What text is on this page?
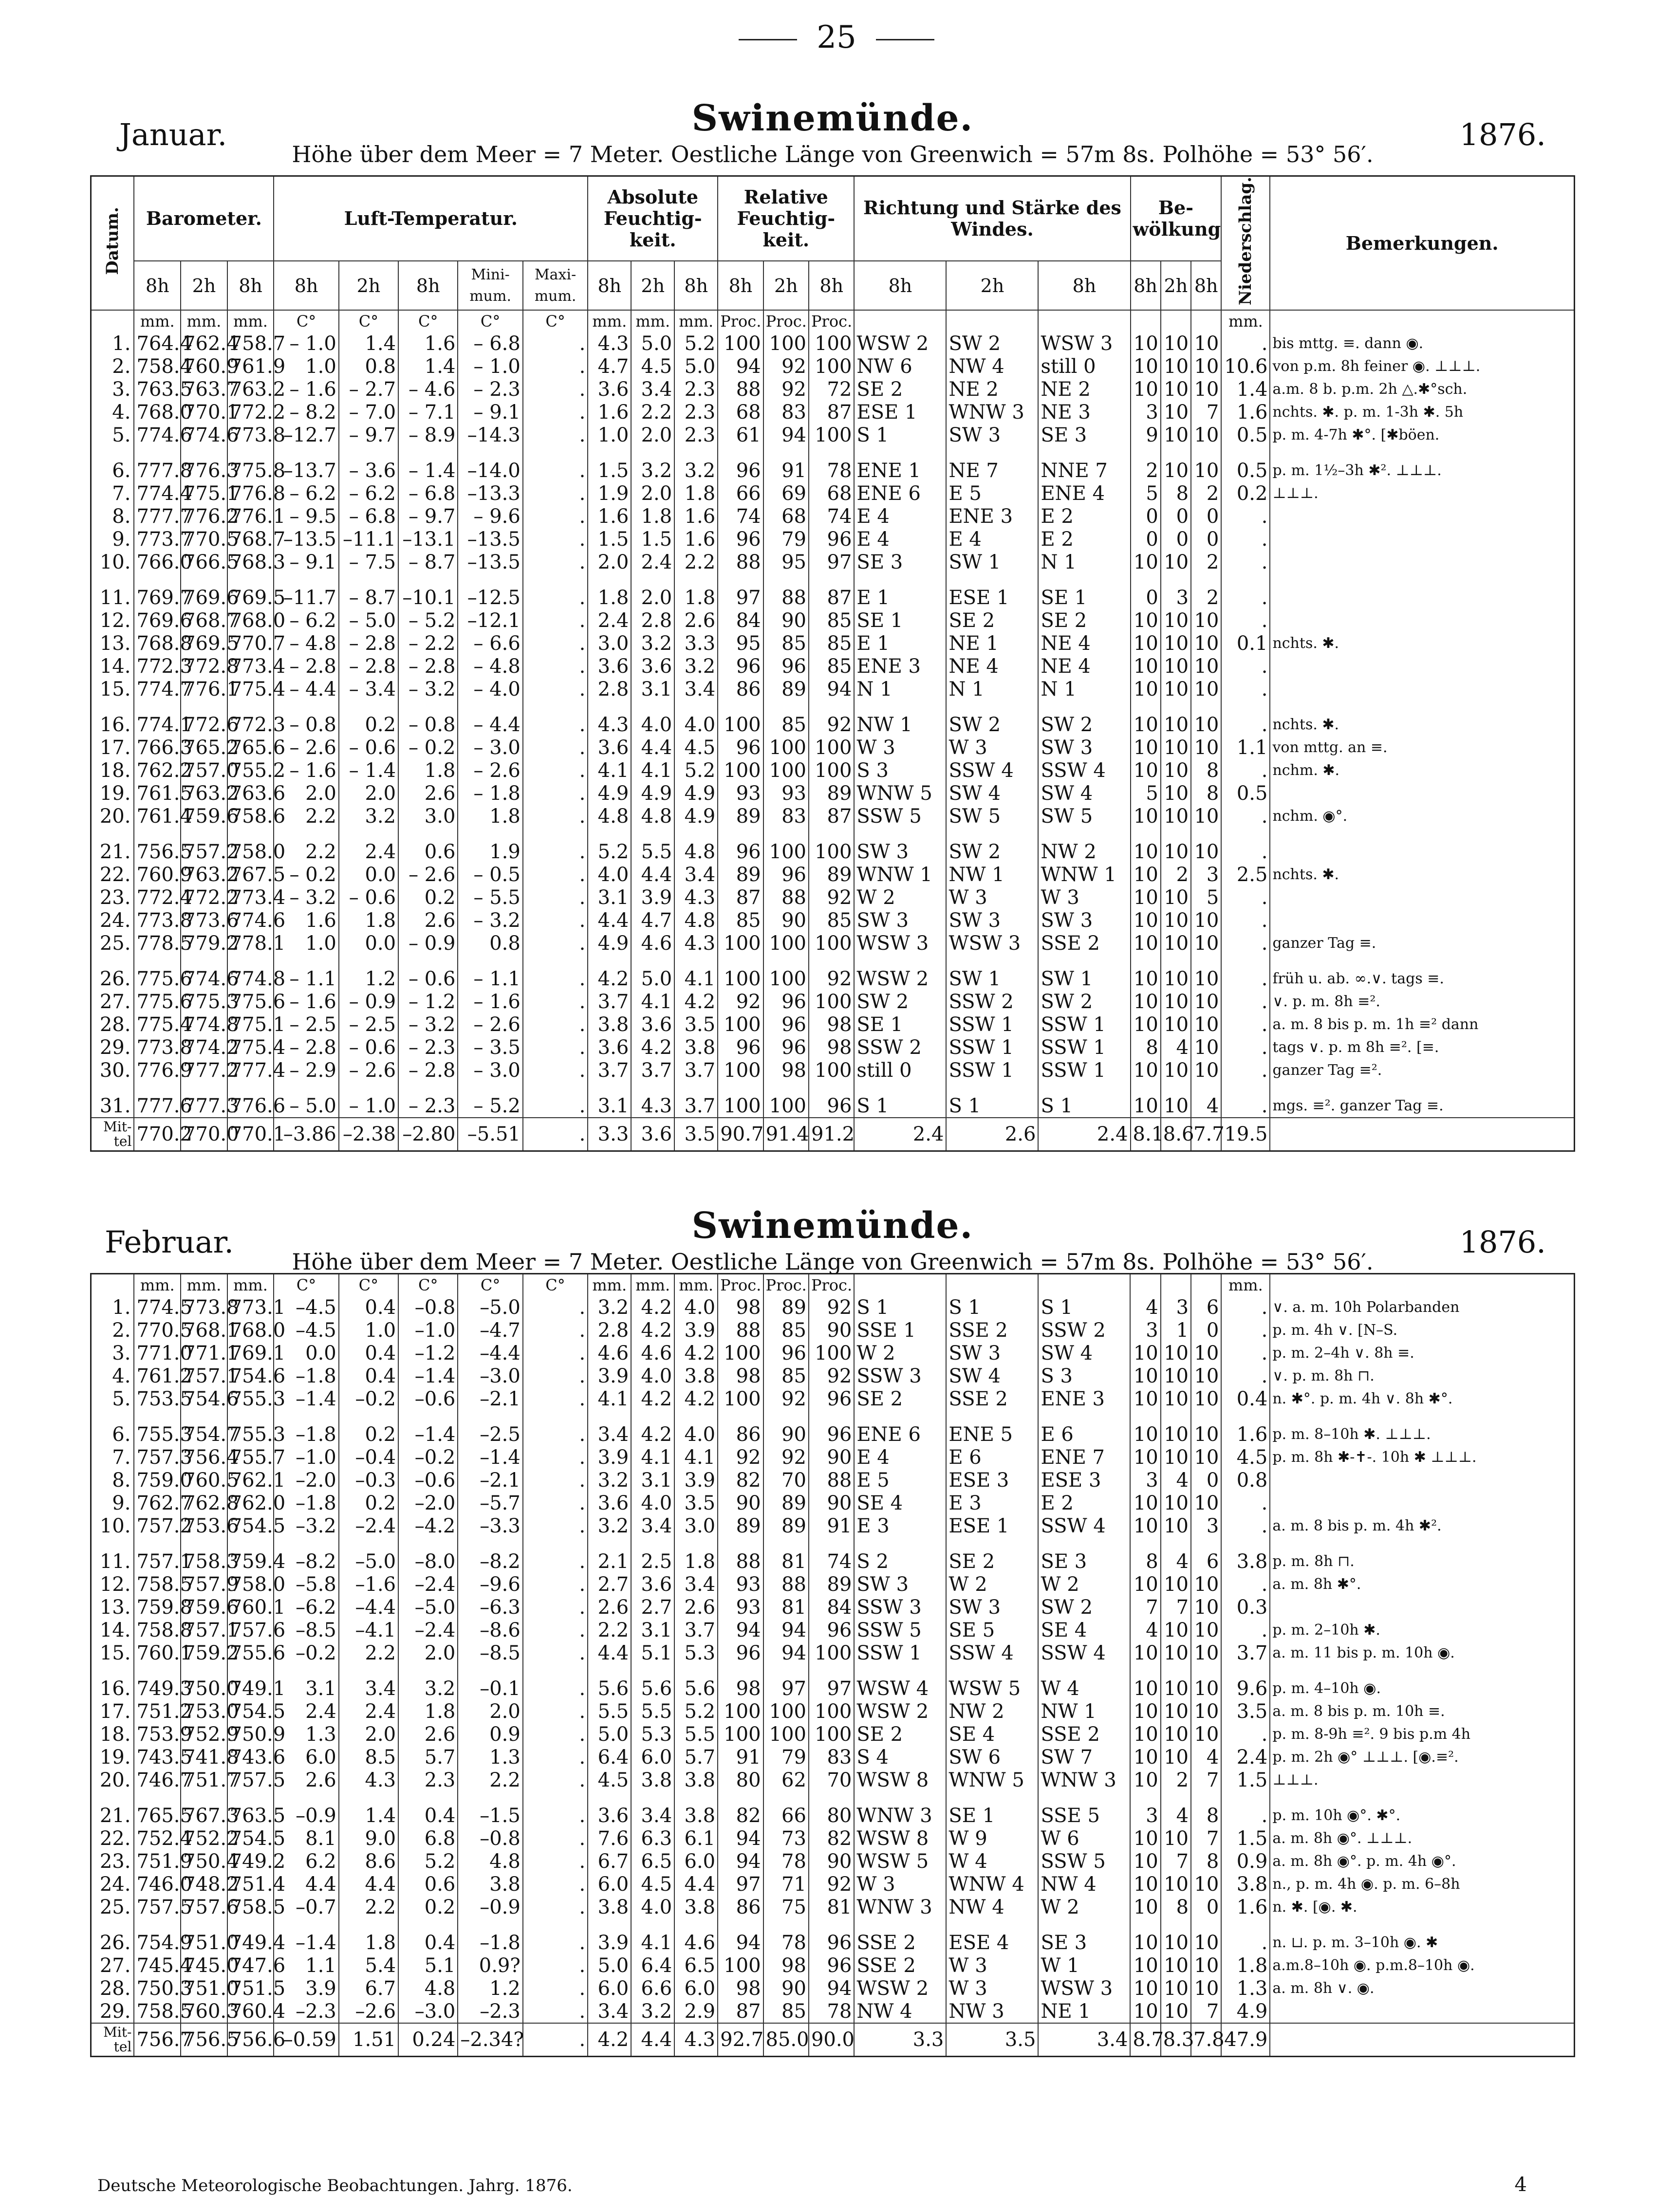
25
Swinemünde.
Januar.	1876.
Höhe über dem Meer = 7 Meter. Oestliche Länge von Greenwich = 57m 8s. Polhöhe = 53° 56′.
Datum.	Barometer.			Luft-Temperatur.					Absolute Feuchtig-keit.			Relative Feuchtig-keit.			Richtung und Stärke des Windes.			Be-wölkung			Niederschlag.	Bemerkungen.
	8h	2h	8h	8h	2h	8h	Mini-mum.	Maxi-mum.	8h	2h	8h	8h	2h	8h	8h	2h	8h	8h	2h	8h		
	mm.	mm.	mm.	C°	C°	C°	C°	C°	mm.	mm.	mm.	Proc.	Proc.	Proc.							mm.	
1.	764.4	762.4	758.7	– 1.0	1.4	1.6	– 6.8	.	4.3	5.0	5.2	100	100	100	WSW 2	SW 2	WSW 3	10	10	10	.	bis mttg. ≡. dann ◉.
2.	758.4	760.9	761.9	1.0	0.8	1.4	– 1.0	.	4.7	4.5	5.0	94	92	100	NW 6	NW 4	still 0	10	10	10	10.6	von p.m. 8h feiner ◉. ⊥⊥⊥.
3.	763.5	763.7	763.2	– 1.6	– 2.7	– 4.6	– 2.3	.	3.6	3.4	2.3	88	92	72	SE 2	NE 2	NE 2	10	10	10	1.4	a.m. 8 b. p.m. 2h △.✱°sch.
4.	768.0	770.1	772.2	– 8.2	– 7.0	– 7.1	– 9.1	.	1.6	2.2	2.3	68	83	87	ESE 1	WNW 3	NE 3	3	10	7	1.6	nchts. ✱. p. m. 1-3h ✱. 5h
5.	774.6	774.6	773.8	–12.7	– 9.7	– 8.9	–14.3	.	1.0	2.0	2.3	61	94	100	S 1	SW 3	SE 3	9	10	10	0.5	p. m. 4-7h ✱°. [✱böen.
6.	777.8	776.3	775.8	–13.7	– 3.6	– 1.4	–14.0	.	1.5	3.2	3.2	96	91	78	ENE 1	NE 7	NNE 7	2	10	10	0.5	p. m. 1½–3h ✱². ⊥⊥⊥.
7.	774.4	775.1	776.8	– 6.2	– 6.2	– 6.8	–13.3	.	1.9	2.0	1.8	66	69	68	ENE 6	E 5	ENE 4	5	8	2	0.2	⊥⊥⊥.
8.	777.7	776.2	776.1	– 9.5	– 6.8	– 9.7	– 9.6	.	1.6	1.8	1.6	74	68	74	E 4	ENE 3	E 2	0	0	0	.	
9.	773.7	770.5	768.7	–13.5	–11.1	–13.1	–13.5	.	1.5	1.5	1.6	96	79	96	E 4	E 4	E 2	0	0	0	.	
10.	766.0	766.5	768.3	– 9.1	– 7.5	– 8.7	–13.5	.	2.0	2.4	2.2	88	95	97	SE 3	SW 1	N 1	10	10	2	.	
11.	769.7	769.6	769.5	–11.7	– 8.7	–10.1	–12.5	.	1.8	2.0	1.8	97	88	87	E 1	ESE 1	SE 1	0	3	2	.	
12.	769.6	768.7	768.0	– 6.2	– 5.0	– 5.2	–12.1	.	2.4	2.8	2.6	84	90	85	SE 1	SE 2	SE 2	10	10	10	.	
13.	768.8	769.5	770.7	– 4.8	– 2.8	– 2.2	– 6.6	.	3.0	3.2	3.3	95	85	85	E 1	NE 1	NE 4	10	10	10	0.1	nchts. ✱.
14.	772.3	772.8	773.4	– 2.8	– 2.8	– 2.8	– 4.8	.	3.6	3.6	3.2	96	96	85	ENE 3	NE 4	NE 4	10	10	10	.	
15.	774.7	776.1	775.4	– 4.4	– 3.4	– 3.2	– 4.0	.	2.8	3.1	3.4	86	89	94	N 1	N 1	N 1	10	10	10	.	
16.	774.1	772.6	772.3	– 0.8	0.2	– 0.8	– 4.4	.	4.3	4.0	4.0	100	85	92	NW 1	SW 2	SW 2	10	10	10	.	nchts. ✱.
17.	766.3	765.2	765.6	– 2.6	– 0.6	– 0.2	– 3.0	.	3.6	4.4	4.5	96	100	100	W 3	W 3	SW 3	10	10	10	1.1	von mttg. an ≡.
18.	762.2	757.0	755.2	– 1.6	– 1.4	1.8	– 2.6	.	4.1	4.1	5.2	100	100	100	S 3	SSW 4	SSW 4	10	10	8	.	nchm. ✱.
19.	761.5	763.2	763.6	2.0	2.0	2.6	– 1.8	.	4.9	4.9	4.9	93	93	89	WNW 5	SW 4	SW 4	5	10	8	0.5	
20.	761.4	759.6	758.6	2.2	3.2	3.0	1.8	.	4.8	4.8	4.9	89	83	87	SSW 5	SW 5	SW 5	10	10	10	.	nchm. ◉°.
21.	756.5	757.2	758.0	2.2	2.4	0.6	1.9	.	5.2	5.5	4.8	96	100	100	SW 3	SW 2	NW 2	10	10	10	.	
22.	760.9	763.2	767.5	– 0.2	0.0	– 2.6	– 0.5	.	4.0	4.4	3.4	89	96	89	WNW 1	NW 1	WNW 1	10	2	3	2.5	nchts. ✱.
23.	772.4	772.2	773.4	– 3.2	– 0.6	0.2	– 5.5	.	3.1	3.9	4.3	87	88	92	W 2	W 3	W 3	10	10	5	.	
24.	773.8	773.6	774.6	1.6	1.8	2.6	– 3.2	.	4.4	4.7	4.8	85	90	85	SW 3	SW 3	SW 3	10	10	10	.	
25.	778.5	779.2	778.1	1.0	0.0	– 0.9	0.8	.	4.9	4.6	4.3	100	100	100	WSW 3	WSW 3	SSE 2	10	10	10	.	ganzer Tag ≡.
26.	775.6	774.6	774.8	– 1.1	1.2	– 0.6	– 1.1	.	4.2	5.0	4.1	100	100	92	WSW 2	SW 1	SW 1	10	10	10	.	früh u. ab. ∞.∨. tags ≡.
27.	775.6	775.3	775.6	– 1.6	– 0.9	– 1.2	– 1.6	.	3.7	4.1	4.2	92	96	100	SW 2	SSW 2	SW 2	10	10	10	.	∨. p. m. 8h ≡².
28.	775.4	774.8	775.1	– 2.5	– 2.5	– 3.2	– 2.6	.	3.8	3.6	3.5	100	96	98	SE 1	SSW 1	SSW 1	10	10	10	.	a. m. 8 bis p. m. 1h ≡² dann
29.	773.8	774.2	775.4	– 2.8	– 0.6	– 2.3	– 3.5	.	3.6	4.2	3.8	96	96	98	SSW 2	SSW 1	SSW 1	8	4	10	.	tags ∨. p. m 8h ≡². [≡.
30.	776.9	777.2	777.4	– 2.9	– 2.6	– 2.8	– 3.0	.	3.7	3.7	3.7	100	98	100	still 0	SSW 1	SSW 1	10	10	10	.	ganzer Tag ≡².
31.	777.6	777.3	776.6	– 5.0	– 1.0	– 2.3	– 5.2	.	3.1	4.3	3.7	100	100	96	S 1	S 1	S 1	10	10	4	.	mgs. ≡². ganzer Tag ≡.
Mit-tel	770.2	770.0	770.1	–3.86	–2.38	–2.80	–5.51	.	3.3	3.6	3.5	90.7	91.4	91.2	2.4	2.6	2.4	8.1	8.6	7.7	19.5	
Swinemünde.
Februar.	1876.
Höhe über dem Meer = 7 Meter. Oestliche Länge von Greenwich = 57m 8s. Polhöhe = 53° 56′.
	mm.	mm.	mm.	C°	C°	C°	C°	C°	mm.	mm.	mm.	Proc.	Proc.	Proc.							mm.	
1.	774.5	773.8	773.1	–4.5	0.4	–0.8	–5.0	.	3.2	4.2	4.0	98	89	92	S 1	S 1	S 1	4	3	6	.	∨. a. m. 10h Polarbanden
2.	770.5	768.1	768.0	–4.5	1.0	–1.0	–4.7	.	2.8	4.2	3.9	88	85	90	SSE 1	SSE 2	SSW 2	3	1	0	.	p. m. 4h ∨. [N–S.
3.	771.0	771.1	769.1	0.0	0.4	–1.2	–4.4	.	4.6	4.6	4.2	100	96	100	W 2	SW 3	SW 4	10	10	10	.	p. m. 2–4h ∨. 8h ≡.
4.	761.2	757.1	754.6	–1.8	0.4	–1.4	–3.0	.	3.9	4.0	3.8	98	85	92	SSW 3	SW 4	S 3	10	10	10	.	∨. p. m. 8h ⊓.
5.	753.5	754.6	755.3	–1.4	–0.2	–0.6	–2.1	.	4.1	4.2	4.2	100	92	96	SE 2	SSE 2	ENE 3	10	10	10	0.4	n. ✱°. p. m. 4h ∨. 8h ✱°.
6.	755.3	754.7	755.3	–1.8	0.2	–1.4	–2.5	.	3.4	4.2	4.0	86	90	96	ENE 6	ENE 5	E 6	10	10	10	1.6	p. m. 8–10h ✱. ⊥⊥⊥.
7.	757.3	756.4	755.7	–1.0	–0.4	–0.2	–1.4	.	3.9	4.1	4.1	92	92	90	E 4	E 6	ENE 7	10	10	10	4.5	p. m. 8h ✱-✝-. 10h ✱ ⊥⊥⊥.
8.	759.0	760.5	762.1	–2.0	–0.3	–0.6	–2.1	.	3.2	3.1	3.9	82	70	88	E 5	ESE 3	ESE 3	3	4	0	0.8	
9.	762.7	762.8	762.0	–1.8	0.2	–2.0	–5.7	.	3.6	4.0	3.5	90	89	90	SE 4	E 3	E 2	10	10	10	.	
10.	757.2	753.6	754.5	–3.2	–2.4	–4.2	–3.3	.	3.2	3.4	3.0	89	89	91	E 3	ESE 1	SSW 4	10	10	3	.	a. m. 8 bis p. m. 4h ✱².
11.	757.1	758.3	759.4	–8.2	–5.0	–8.0	–8.2	.	2.1	2.5	1.8	88	81	74	S 2	SE 2	SE 3	8	4	6	3.8	p. m. 8h ⊓.
12.	758.5	757.9	758.0	–5.8	–1.6	–2.4	–9.6	.	2.7	3.6	3.4	93	88	89	SW 3	W 2	W 2	10	10	10	.	a. m. 8h ✱°.
13.	759.8	759.6	760.1	–6.2	–4.4	–5.0	–6.3	.	2.6	2.7	2.6	93	81	84	SSW 3	SW 3	SW 2	7	7	10	0.3	
14.	758.8	757.1	757.6	–8.5	–4.1	–2.4	–8.6	.	2.2	3.1	3.7	94	94	96	SSW 5	SE 5	SE 4	4	10	10	.	p. m. 2–10h ✱.
15.	760.1	759.2	755.6	–0.2	2.2	2.0	–8.5	.	4.4	5.1	5.3	96	94	100	SSW 1	SSW 4	SSW 4	10	10	10	3.7	a. m. 11 bis p. m. 10h ◉.
16.	749.3	750.0	749.1	3.1	3.4	3.2	–0.1	.	5.6	5.6	5.6	98	97	97	WSW 4	WSW 5	W 4	10	10	10	9.6	p. m. 4–10h ◉.
17.	751.2	753.0	754.5	2.4	2.4	1.8	2.0	.	5.5	5.5	5.2	100	100	100	WSW 2	NW 2	NW 1	10	10	10	3.5	a. m. 8 bis p. m. 10h ≡.
18.	753.9	752.9	750.9	1.3	2.0	2.6	0.9	.	5.0	5.3	5.5	100	100	100	SE 2	SE 4	SSE 2	10	10	10	.	p. m. 8-9h ≡². 9 bis p.m 4h
19.	743.5	741.8	743.6	6.0	8.5	5.7	1.3	.	6.4	6.0	5.7	91	79	83	S 4	SW 6	SW 7	10	10	4	2.4	p. m. 2h ◉° ⊥⊥⊥. [◉.≡².
20.	746.7	751.7	757.5	2.6	4.3	2.3	2.2	.	4.5	3.8	3.8	80	62	70	WSW 8	WNW 5	WNW 3	10	2	7	1.5	⊥⊥⊥.
21.	765.5	767.3	763.5	–0.9	1.4	0.4	–1.5	.	3.6	3.4	3.8	82	66	80	WNW 3	SE 1	SSE 5	3	4	8	.	p. m. 10h ◉°. ✱°.
22.	752.4	752.2	754.5	8.1	9.0	6.8	–0.8	.	7.6	6.3	6.1	94	73	82	WSW 8	W 9	W 6	10	10	7	1.5	a. m. 8h ◉°. ⊥⊥⊥.
23.	751.9	750.4	749.2	6.2	8.6	5.2	4.8	.	6.7	6.5	6.0	94	78	90	WSW 5	W 4	SSW 5	10	7	8	0.9	a. m. 8h ◉°. p. m. 4h ◉°.
24.	746.0	748.2	751.4	4.4	4.4	0.6	3.8	.	6.0	4.5	4.4	97	71	92	W 3	WNW 4	NW 4	10	10	10	3.8	n., p. m. 4h ◉. p. m. 6–8h
25.	757.5	757.6	758.5	–0.7	2.2	0.2	–0.9	.	3.8	4.0	3.8	86	75	81	WNW 3	NW 4	W 2	10	8	0	1.6	n. ✱. [◉. ✱.
26.	754.9	751.0	749.4	–1.4	1.8	0.4	–1.8	.	3.9	4.1	4.6	94	78	96	SSE 2	ESE 4	SE 3	10	10	10	.	n. ⊔. p. m. 3–10h ◉. ✱
27.	745.4	745.0	747.6	1.1	5.4	5.1	0.9?	.	5.0	6.4	6.5	100	98	96	SSE 2	W 3	W 1	10	10	10	1.8	a.m.8–10h ◉. p.m.8–10h ◉.
28.	750.3	751.0	751.5	3.9	6.7	4.8	1.2	.	6.0	6.6	6.0	98	90	94	WSW 2	W 3	WSW 3	10	10	10	1.3	a. m. 8h ∨. ◉.
29.	758.5	760.3	760.4	–2.3	–2.6	–3.0	–2.3	.	3.4	3.2	2.9	87	85	78	NW 4	NW 3	NE 1	10	10	7	4.9	
Mit-tel	756.7	756.5	756.6	–0.59	1.51	0.24	–2.34?	.	4.2	4.4	4.3	92.7	85.0	90.0	3.3	3.5	3.4	8.7	8.3	7.8	47.9	
Deutsche Meteorologische Beobachtungen. Jahrg. 1876.	4
